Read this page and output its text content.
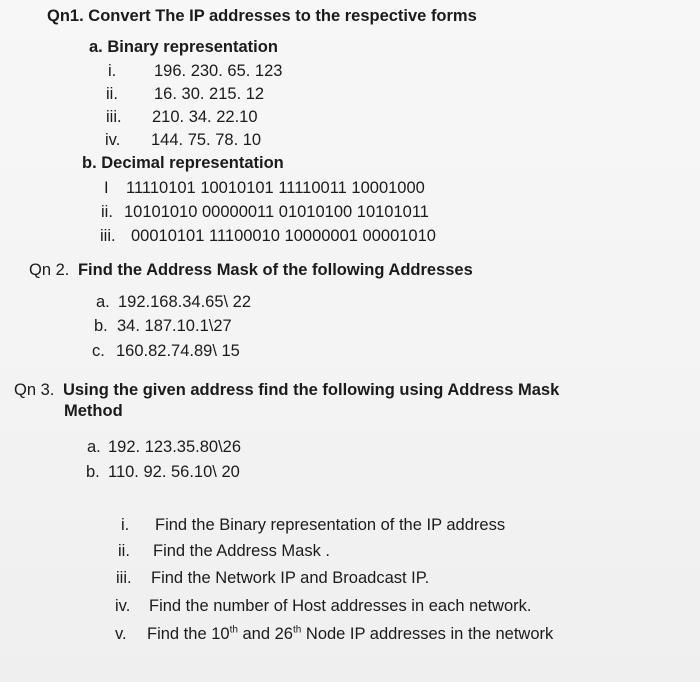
Qn1. Convert The IP addresses to the respective forms
a. Binary representation
i. 196. 230. 65. 123
ii. 16. 30. 215. 12
iii. 210. 34. 22.10
iv. 144. 75. 78. 10
b. Decimal representation
I 11110101 10010101 11110011 10001000
ii. 10101010 00000011 01010100 10101011
iii. 00010101 11100010 10000001 00001010
Qn 2. Find the Address Mask of the following Addresses
a. 192.168.34.65\ 22
b. 34. 187.10.1\27
c. 160.82.74.89\ 15
Qn 3. Using the given address find the following using Address Mask
Method
a. 192. 123.35.80\26
b. 110. 92. 56.10\ 20
i. Find the Binary representation of the IP address
ii. Find the Address Mask .
iii. Find the Network IP and Broadcast IP.
iv. Find the number of Host addresses in each network.
v. Find the 10th and 26th Node IP addresses in the network
